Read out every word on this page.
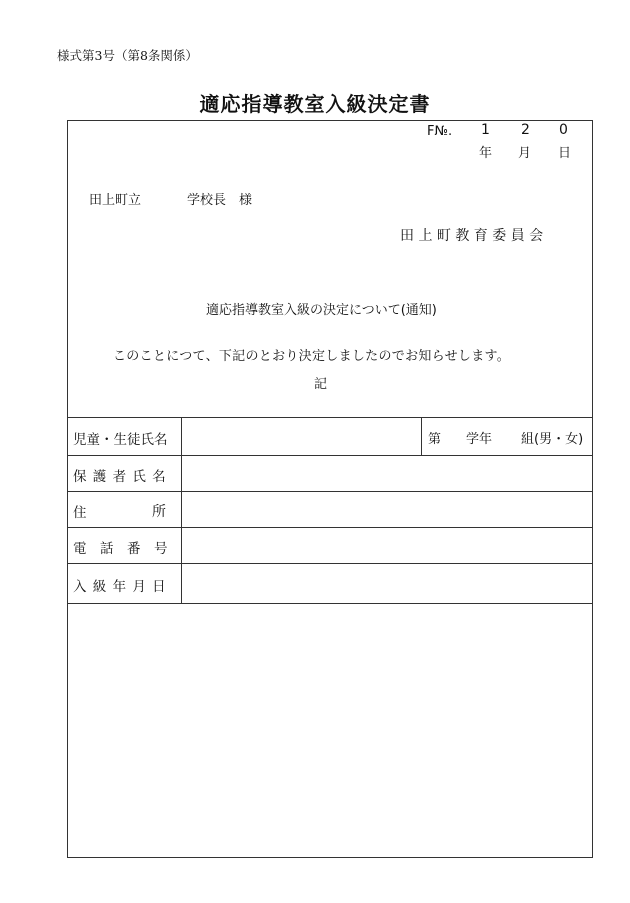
様式第3号（第8条関係）
適応指導教室入級決定書
F№. 1 2 0
年 月 日
田上町立	学校長　様
田 上 町 教 育 委 員 会
適応指導教室入級の決定について(通知)
このことにつて、下記のとおり決定しましたのでお知らせします。
記
児童・生徒氏名
保 護 者 氏 名
住	所
電　話　番　号
入 級 年 月 日
第 学年 組(男・女)
